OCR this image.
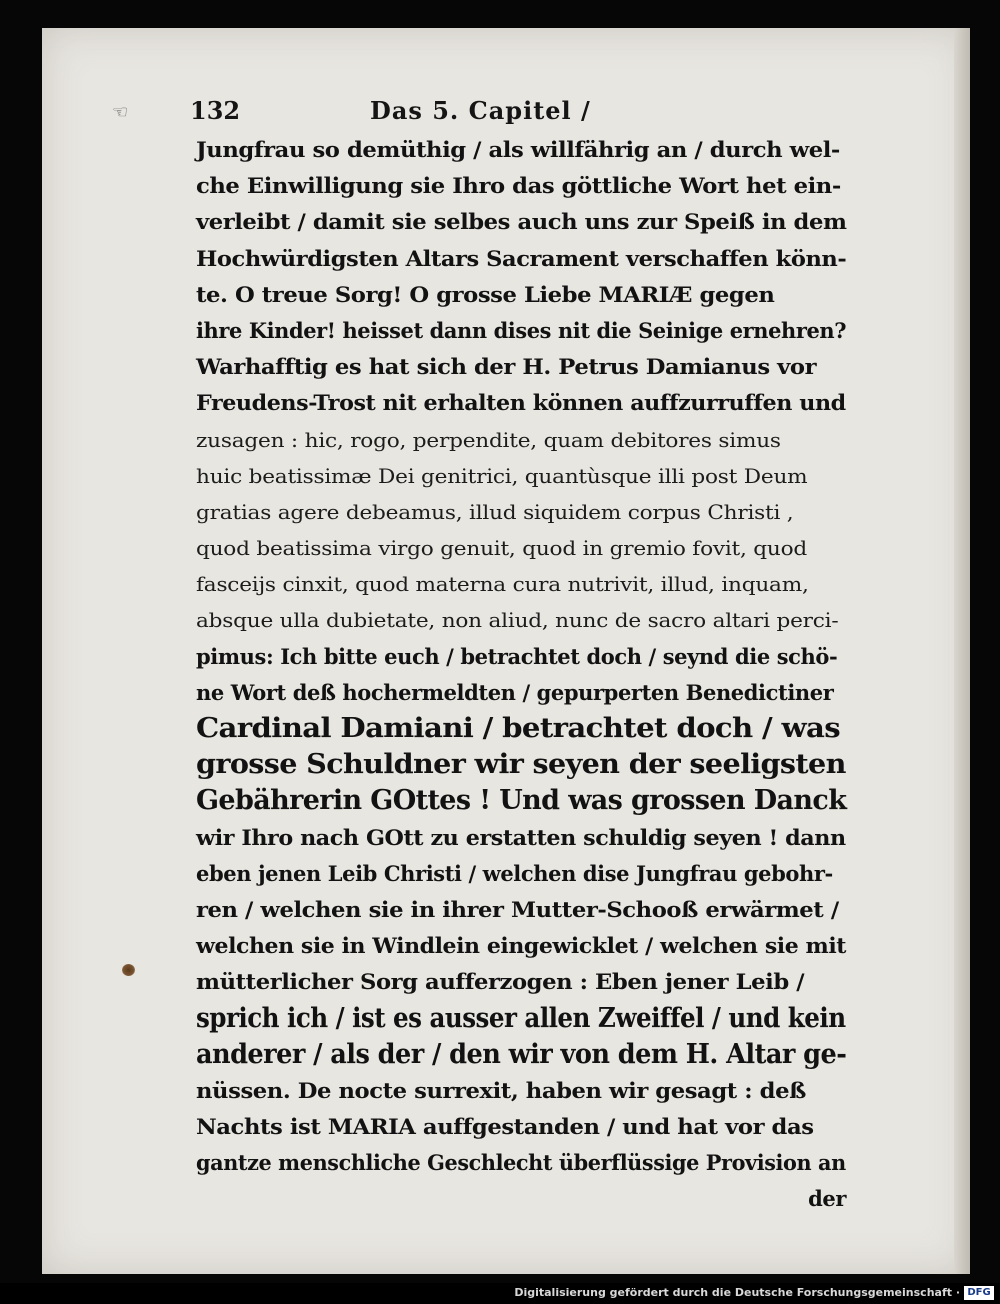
☜	132	Das 5. Capitel /
Jungfrau so demüthig / als willfährig an / durch wel-
che Einwilligung sie Ihro das göttliche Wort het ein-
verleibt / damit sie selbes auch uns zur Speiß in dem
Hochwürdigsten Altars Sacrament verschaffen könn-
te. O treue Sorg! O grosse Liebe MARIÆ gegen
ihre Kinder! heisset dann dises nit die Seinige ernehren?
Warhafftig es hat sich der H. Petrus Damianus vor
Freudens-Trost nit erhalten können auffzurruffen und
zusagen : hic, rogo, perpendite, quam debitores simus
huic beatissimæ Dei genitrici, quantùsque illi post Deum
gratias agere debeamus, illud siquidem corpus Christi ,
quod beatissima virgo genuit, quod in gremio fovit, quod
fasceijs cinxit, quod materna cura nutrivit, illud, inquam,
absque ulla dubietate, non aliud, nunc de sacro altari perci-
pimus: Ich bitte euch / betrachtet doch / seynd die schö-
ne Wort deß hochermeldten / gepurperten Benedictiner
Cardinal Damiani / betrachtet doch / was
grosse Schuldner wir seyen der seeligsten
Gebährerin GOttes ! Und was grossen Danck
wir Ihro nach GOtt zu erstatten schuldig seyen ! dann
eben jenen Leib Christi / welchen dise Jungfrau gebohr-
ren / welchen sie in ihrer Mutter-Schooß erwärmet /
welchen sie in Windlein eingewicklet / welchen sie mit
mütterlicher Sorg aufferzogen : Eben jener Leib /
sprich ich / ist es ausser allen Zweiffel / und kein
anderer / als der / den wir von dem H. Altar ge-
nüssen. De nocte surrexit, haben wir gesagt : deß
Nachts ist MARIA auffgestanden / und hat vor das
gantze menschliche Geschlecht überflüssige Provision an
der
Digitalisierung gefördert durch die Deutsche Forschungsgemeinschaft · DFG
